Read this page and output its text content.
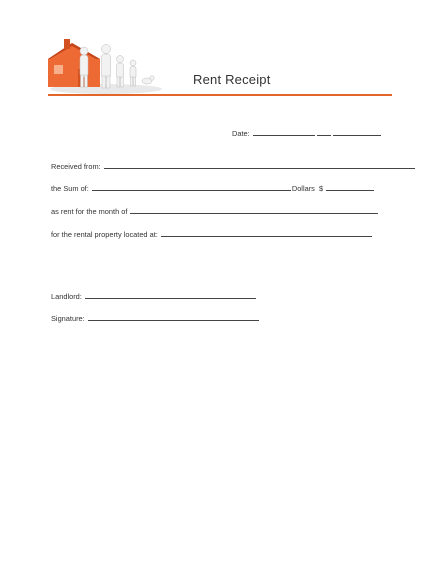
Rent Receipt
Date:
Received from:
the Sum of:	Dollars $
as rent for the month of
for the rental property located at:
Landlord:
Signature:
